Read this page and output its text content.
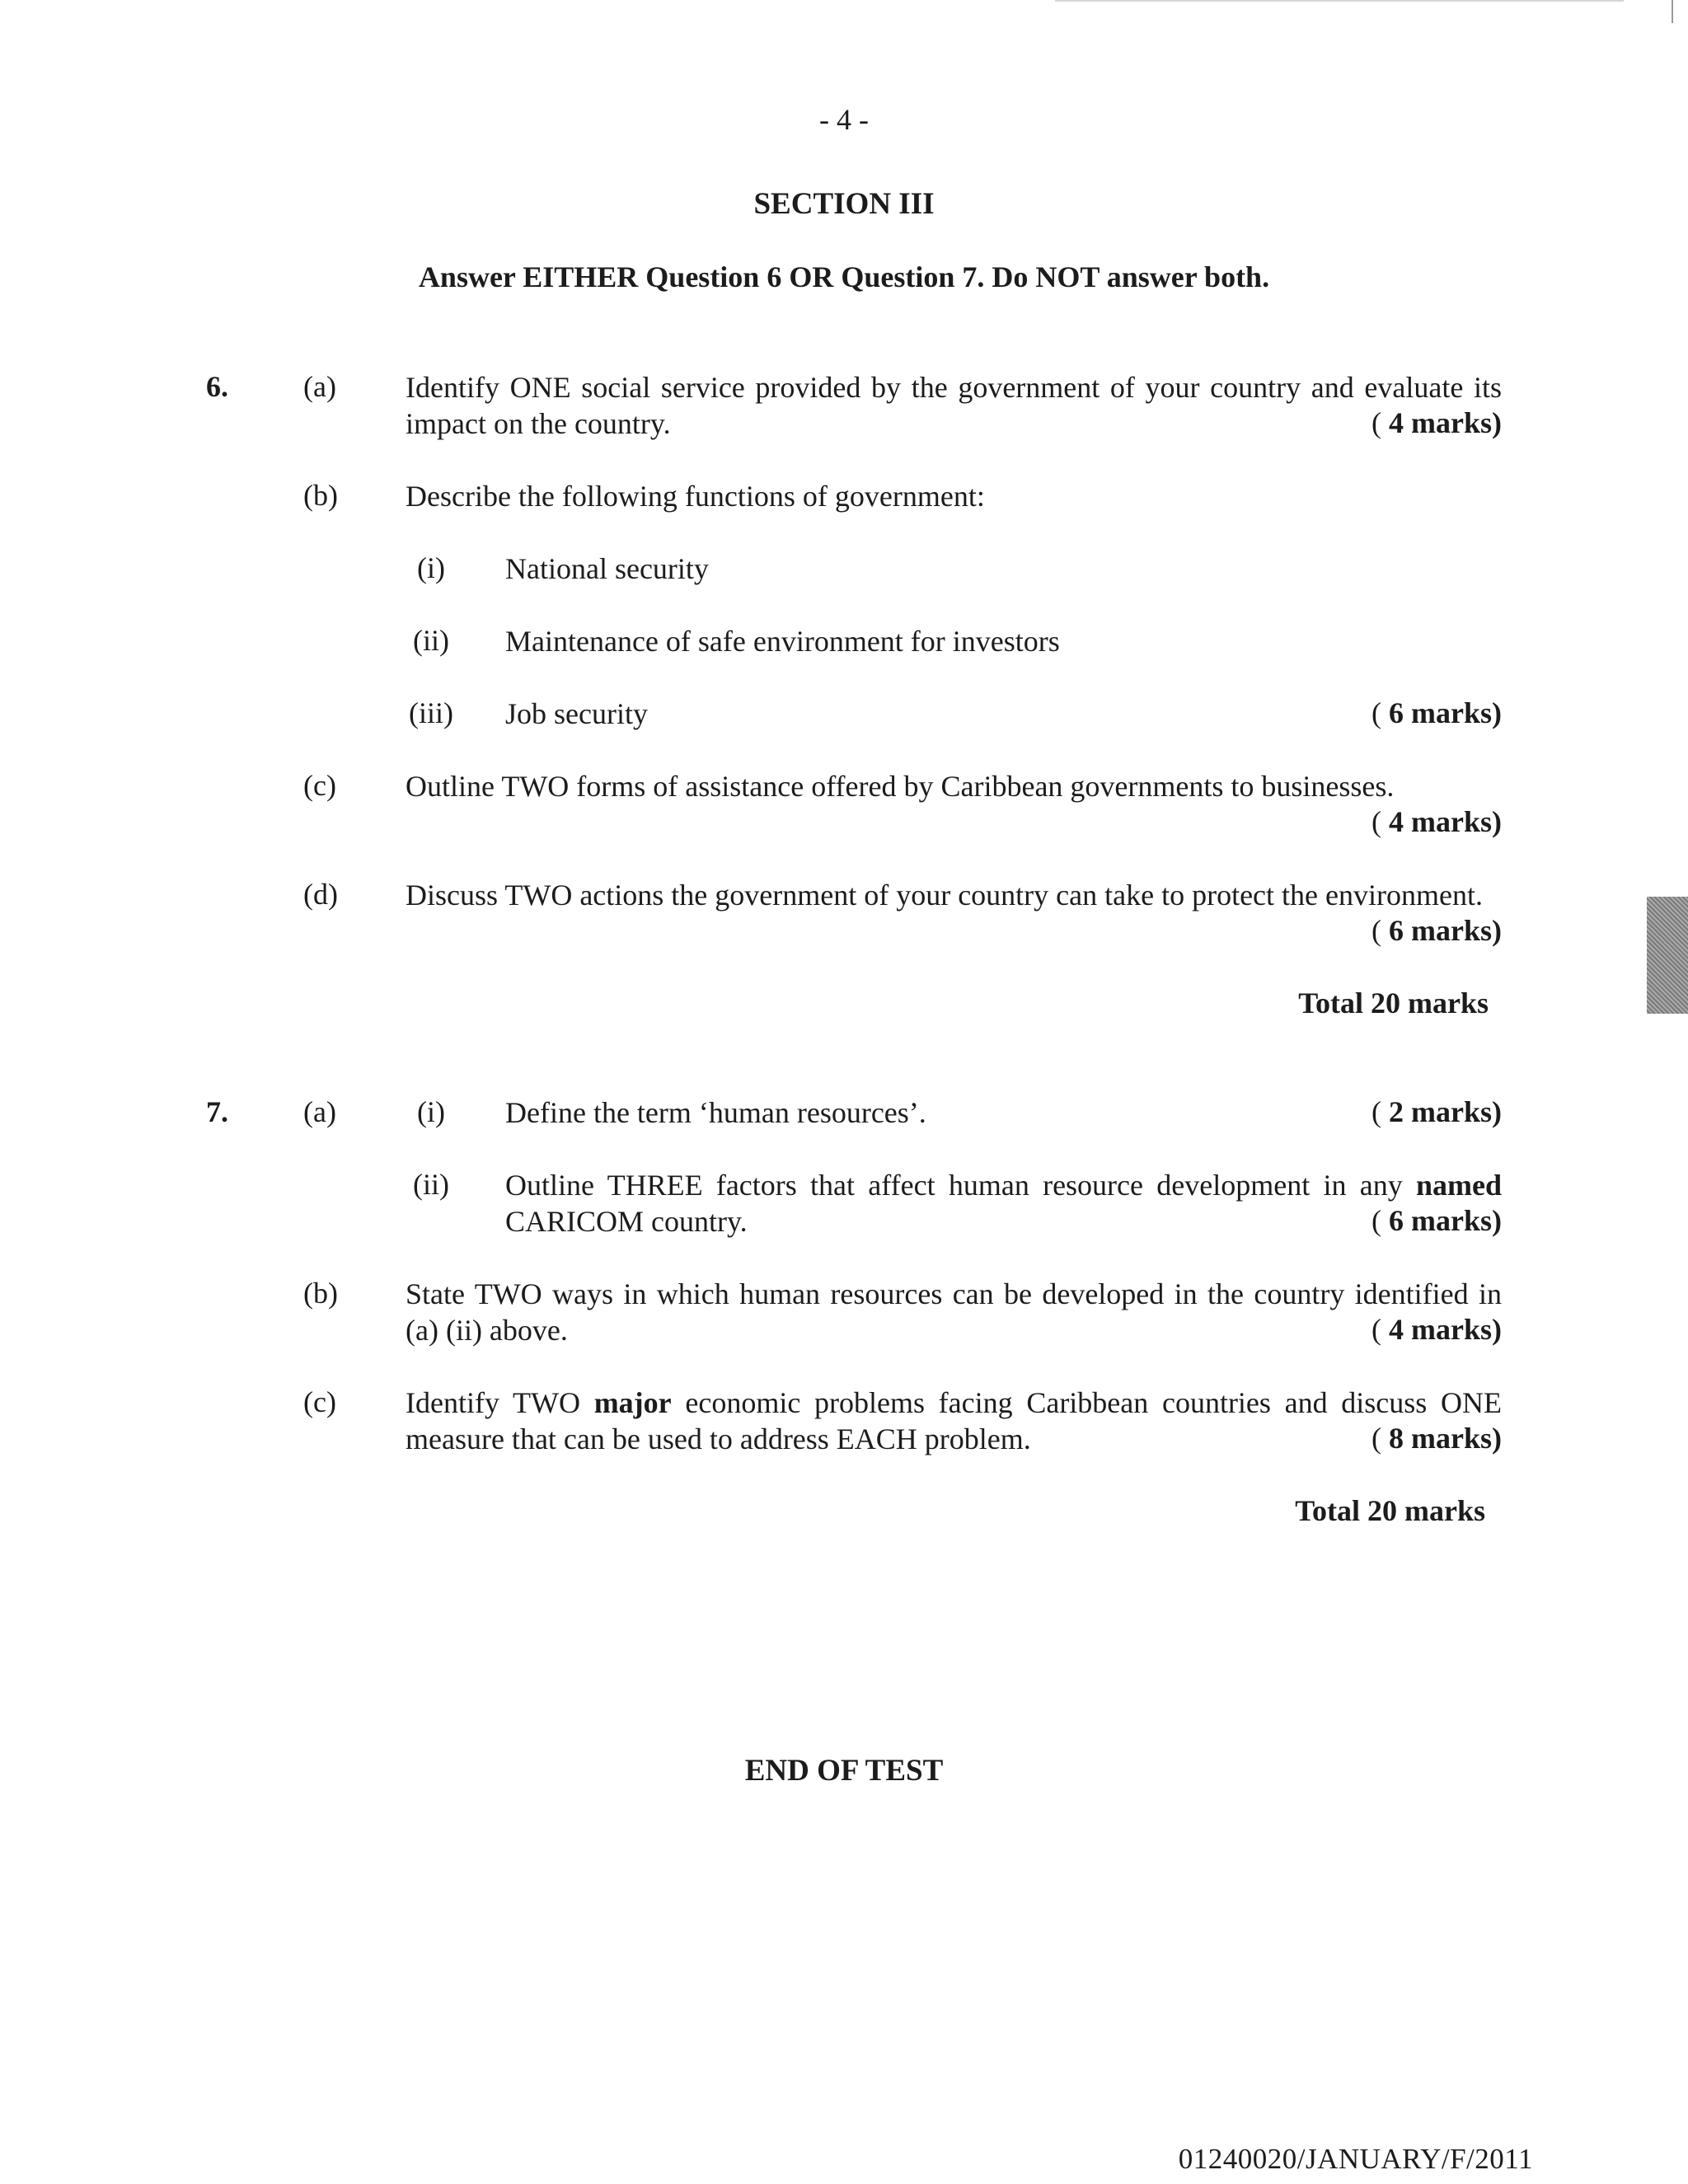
- 4 -
SECTION III
Answer EITHER Question 6 OR Question 7. Do NOT answer both.
6.	(a) Identify ONE social service provided by the government of your country and evaluate its impact on the country.	( 4 marks)
(b) Describe the following functions of government:
(i)	National security
(ii) Maintenance of safe environment for investors
(iii) Job security	( 6 marks)
(c) Outline TWO forms of assistance offered by Caribbean governments to businesses.
( 4 marks)
(d) Discuss TWO actions the government of your country can take to protect the environment.
( 6 marks)
Total 20 marks
7.	(a)	(i)	Define the term ‘human resources’.	( 2 marks)
(ii) Outline THREE factors that affect human resource development in any named CARICOM country.	( 6 marks)
(b) State TWO ways in which human resources can be developed in the country identified in (a) (ii) above.	( 4 marks)
(c) Identify TWO major economic problems facing Caribbean countries and discuss ONE measure that can be used to address EACH problem.	( 8 marks)
Total 20 marks
END OF TEST
01240020/JANUARY/F/2011
